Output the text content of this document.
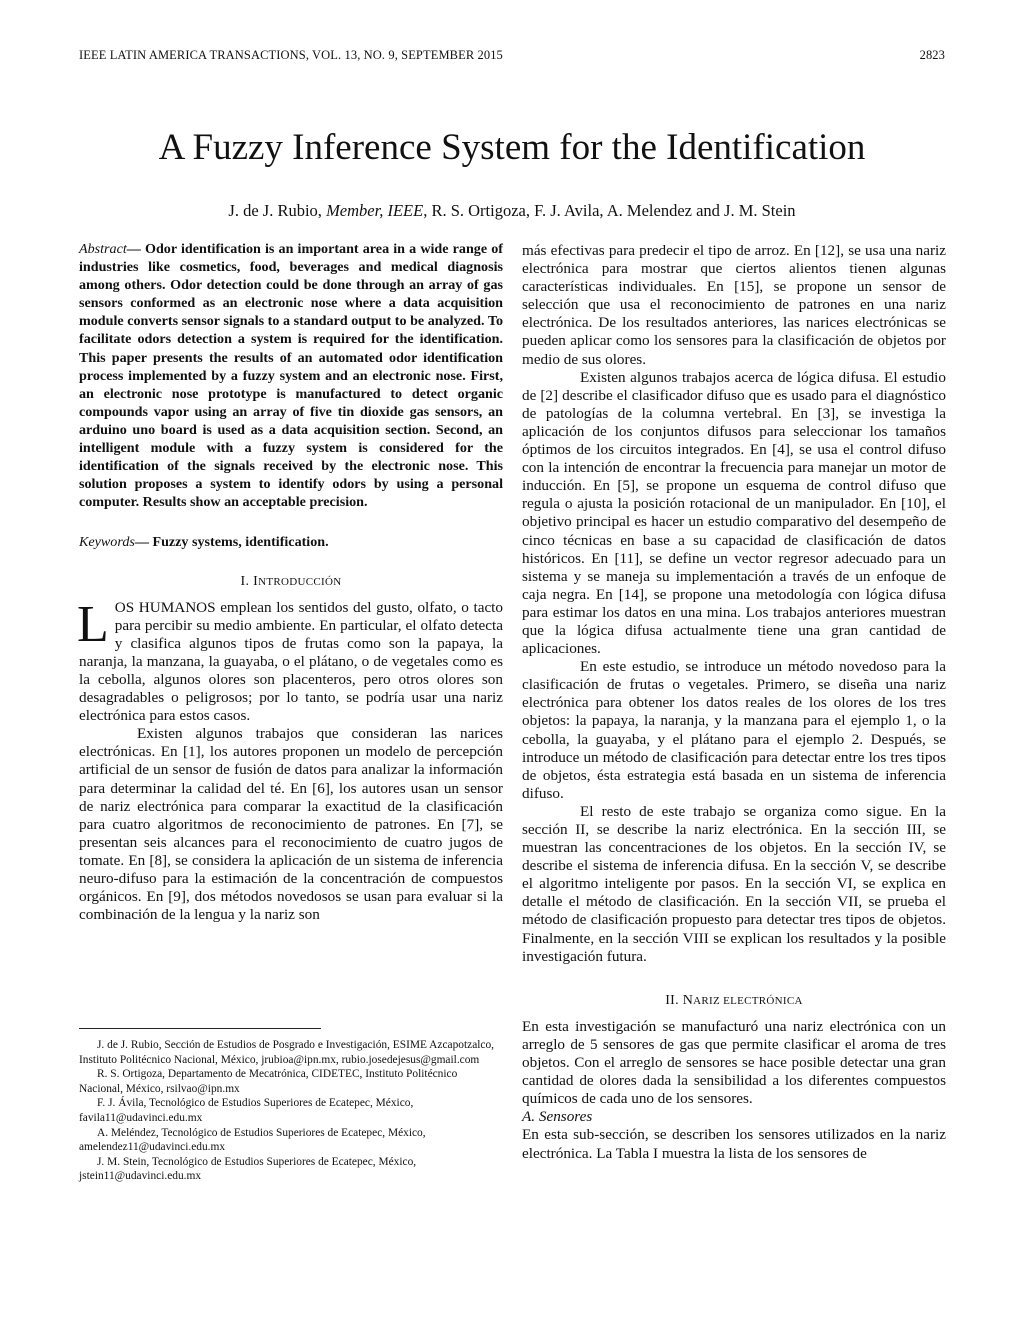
IEEE LATIN AMERICA TRANSACTIONS, VOL. 13, NO. 9, SEPTEMBER 2015	2823
A Fuzzy Inference System for the Identification
J. de J. Rubio, Member, IEEE, R. S. Ortigoza, F. J. Avila, A. Melendez and J. M. Stein

Abstract— Odor identification is an important area in a wide range of industries like cosmetics, food, beverages and medical diagnosis among others. Odor detection could be done through an array of gas sensors conformed as an electronic nose where a data acquisition module converts sensor signals to a standard output to be analyzed. To facilitate odors detection a system is required for the identification. This paper presents the results of an automated odor identification process implemented by a fuzzy system and an electronic nose. First, an electronic nose prototype is manufactured to detect organic compounds vapor using an array of five tin dioxide gas sensors, an arduino uno board is used as a data acquisition section. Second, an intelligent module with a fuzzy system is considered for the identification of the signals received by the electronic nose. This solution proposes a system to identify odors by using a personal computer. Results show an acceptable precision.

Keywords— Fuzzy systems, identification.

I. INTRODUCCIÓN

LOS HUMANOS emplean los sentidos del gusto, olfato, o tacto para percibir su medio ambiente. En particular, el olfato detecta y clasifica algunos tipos de frutas como son la papaya, la naranja, la manzana, la guayaba, o el plátano, o de vegetales como es la cebolla, algunos olores son placenteros, pero otros olores son desagradables o peligrosos; por lo tanto, se podría usar una nariz electrónica para estos casos.

Existen algunos trabajos que consideran las narices electrónicas. En [1], los autores proponen un modelo de percepción artificial de un sensor de fusión de datos para analizar la información para determinar la calidad del té. En [6], los autores usan un sensor de nariz electrónica para comparar la exactitud de la clasificación para cuatro algoritmos de reconocimiento de patrones. En [7], se presentan seis alcances para el reconocimiento de cuatro jugos de tomate. En [8], se considera la aplicación de un sistema de inferencia neuro-difuso para la estimación de la concentración de compuestos orgánicos. En [9], dos métodos novedosos se usan para evaluar si la combinación de la lengua y la nariz son

más efectivas para predecir el tipo de arroz. En [12], se usa una nariz electrónica para mostrar que ciertos alientos tienen algunas características individuales. En [15], se propone un sensor de selección que usa el reconocimiento de patrones en una nariz electrónica. De los resultados anteriores, las narices electrónicas se pueden aplicar como los sensores para la clasificación de objetos por medio de sus olores.

Existen algunos trabajos acerca de lógica difusa. El estudio de [2] describe el clasificador difuso que es usado para el diagnóstico de patologías de la columna vertebral. En [3], se investiga la aplicación de los conjuntos difusos para seleccionar los tamaños óptimos de los circuitos integrados. En [4], se usa el control difuso con la intención de encontrar la frecuencia para manejar un motor de inducción. En [5], se propone un esquema de control difuso que regula o ajusta la posición rotacional de un manipulador. En [10], el objetivo principal es hacer un estudio comparativo del desempeño de cinco técnicas en base a su capacidad de clasificación de datos históricos. En [11], se define un vector regresor adecuado para un sistema y se maneja su implementación a través de un enfoque de caja negra. En [14], se propone una metodología con lógica difusa para estimar los datos en una mina. Los trabajos anteriores muestran que la lógica difusa actualmente tiene una gran cantidad de aplicaciones.

En este estudio, se introduce un método novedoso para la clasificación de frutas o vegetales. Primero, se diseña una nariz electrónica para obtener los datos reales de los olores de los tres objetos: la papaya, la naranja, y la manzana para el ejemplo 1, o la cebolla, la guayaba, y el plátano para el ejemplo 2. Después, se introduce un método de clasificación para detectar entre los tres tipos de objetos, ésta estrategia está basada en un sistema de inferencia difuso.

El resto de este trabajo se organiza como sigue. En la sección II, se describe la nariz electrónica. En la sección III, se muestran las concentraciones de los objetos. En la sección IV, se describe el sistema de inferencia difusa. En la sección V, se describe el algoritmo inteligente por pasos. En la sección VI, se explica en detalle el método de clasificación. En la sección VII, se prueba el método de clasificación propuesto para detectar tres tipos de objetos. Finalmente, en la sección VIII se explican los resultados y la posible investigación futura.

II. NARIZ ELECTRÓNICA

En esta investigación se manufacturó una nariz electrónica con un arreglo de 5 sensores de gas que permite clasificar el aroma de tres objetos. Con el arreglo de sensores se hace posible detectar una gran cantidad de olores dada la sensibilidad a los diferentes compuestos químicos de cada uno de los sensores.

A. Sensores

En esta sub-sección, se describen los sensores utilizados en la nariz electrónica. La Tabla I muestra la lista de los sensores de

J. de J. Rubio, Sección de Estudios de Posgrado e Investigación, ESIME Azcapotzalco, Instituto Politécnico Nacional, México, jrubioa@ipn.mx, rubio.josedejesus@gmail.com

R. S. Ortigoza, Departamento de Mecatrónica, CIDETEC, Instituto Politécnico Nacional, México, rsilvao@ipn.mx

F. J. Ávila, Tecnológico de Estudios Superiores de Ecatepec, México, favila11@udavinci.edu.mx

A. Meléndez, Tecnológico de Estudios Superiores de Ecatepec, México, amelendez11@udavinci.edu.mx

J. M. Stein, Tecnológico de Estudios Superiores de Ecatepec, México, jstein11@udavinci.edu.mx
